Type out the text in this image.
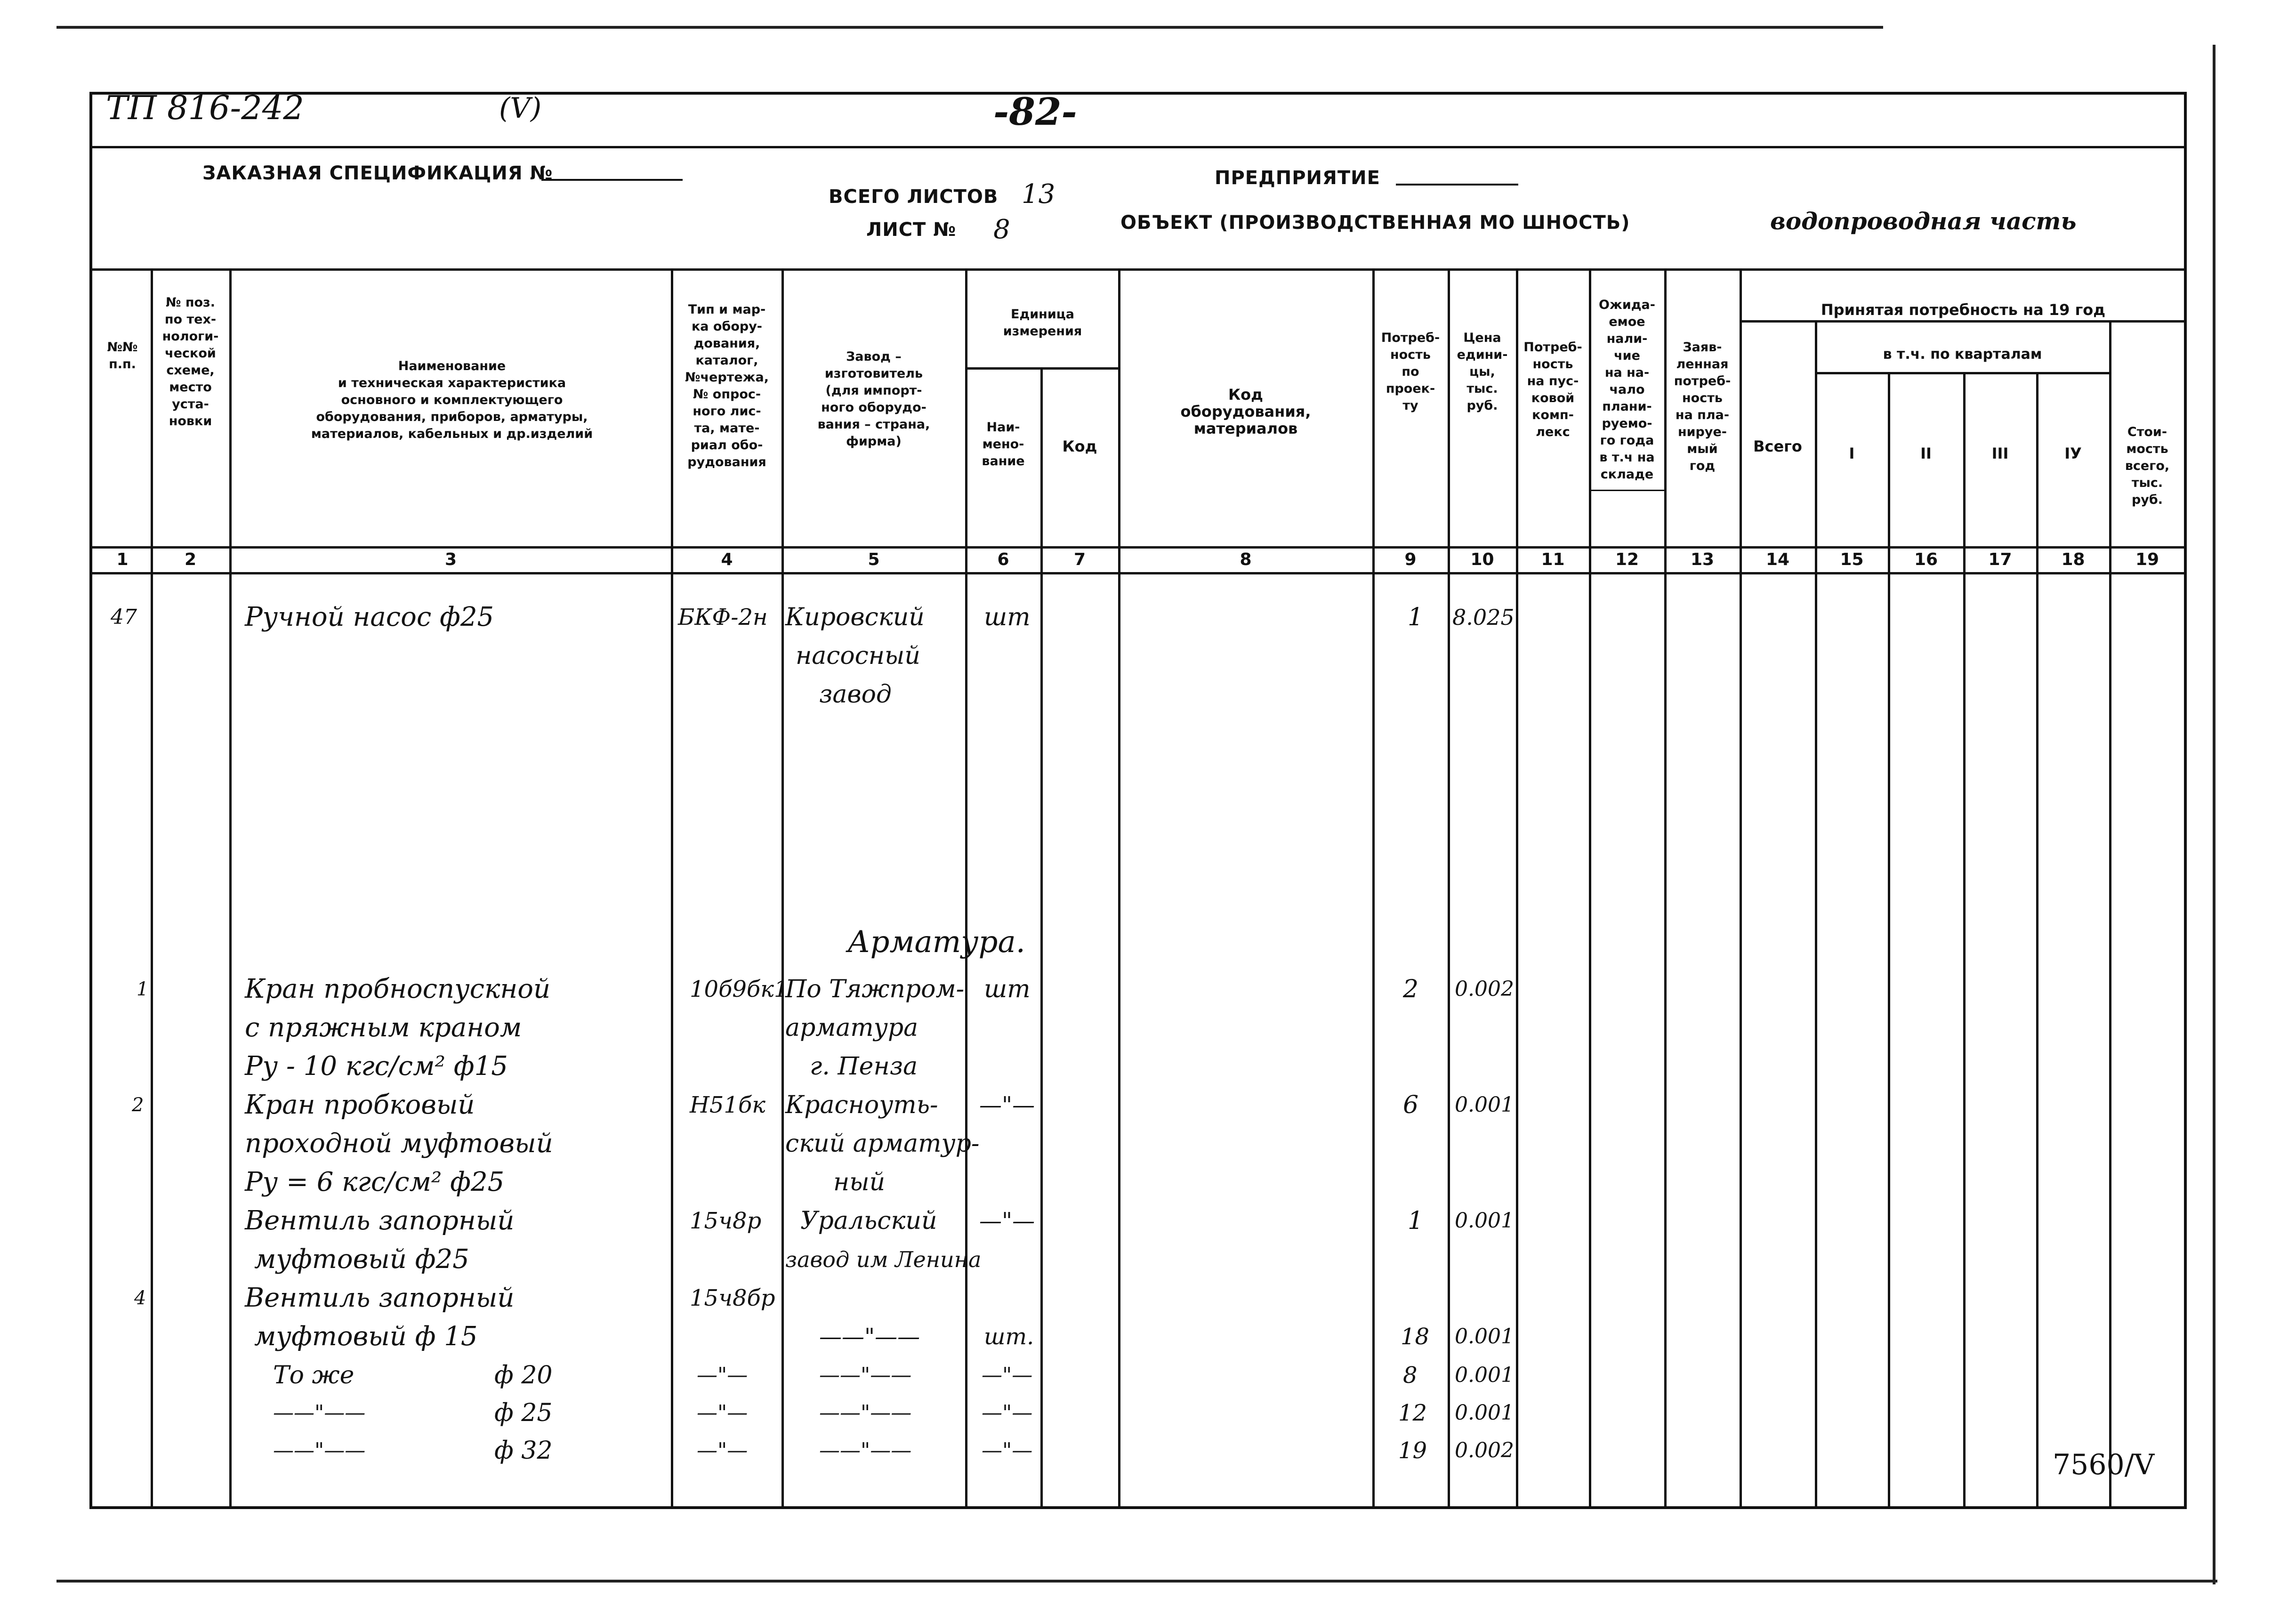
ТП 816-242	(V)	-82-
ЗАКАЗНАЯ СПЕЦИФИКАЦИЯ №
ВСЕГО ЛИСТОВ 13
ЛИСТ № 8
ПРЕДПРИЯТИЕ
ОБЪЕКТ (ПРОИЗВОДСТВЕННАЯ МО ШНОСТЬ)	водопроводная часть
№№
п.п.
№ поз.
по тех-
нологи-
ческой
схеме,
место
уста-
новки
Наименование
и техническая характеристика
основного и комплектующего
оборудования, приборов, арматуры,
материалов, кабельных и др.изделий
Тип и мар-
ка обору-
дования,
каталог,
№чертежа,
№ опрос-
ного лис-
та, мате-
риал обо-
рудования
Завод –
изготовитель
(для импорт-
ного оборудо-
вания – страна,
фирма)
Единица
измерения
Наи-
мено-
вание
Код
Код
оборудования,
материалов
Потреб-
ность
по
проек-
ту
Цена
едини-
цы,
тыс.
руб.
Потреб-
ность
на пус-
ковой
комп-
лекс
Ожида-
емое
нали-
чие
на на-
чало
плани-
руемо-
го года
в т.ч на
складе
Заяв-
ленная
потреб-
ность
на пла-
нируе-
мый
год
Принятая потребность на 19 год
в т.ч. по кварталам
Всего	I	II	III	IУ
Стои-
мость
всего,
тыс.
руб.
1	2	3	4	5	6	7	8	9	10	11	12	13	14	15	16	17	18	19
47	Ручной насос ф25	БКФ-2н Кировский
насосный
завод
шт	1 8.025
Арматура.
1	Кран пробноспускной
с пряжным краном
Ру - 10 кгс/см² ф15
10б9бк1
По Тяжпром-
арматура
г. Пенза
шт	2 0.002
2	Кран пробковый
проходной муфтовый
Ру = 6 кгс/см² ф25
Н51бк Красноуть-
ский арматур-
ный
—"—	6 0.001
Вентиль запорный
муфтовый ф25
15ч8р Уральский
завод им Ленина
—"—	1 0.001
4	Вентиль запорный
муфтовый ф 15
15ч8бр
——"——	шт.	18 0.001
То же	ф 20	—"—	——"——	—"—	8 0.001
——"——	ф 25	—"—	——"——	—"—	12 0.001
——"——	ф 32	—"—	——"——	—"—	19 0.002	7560/V
